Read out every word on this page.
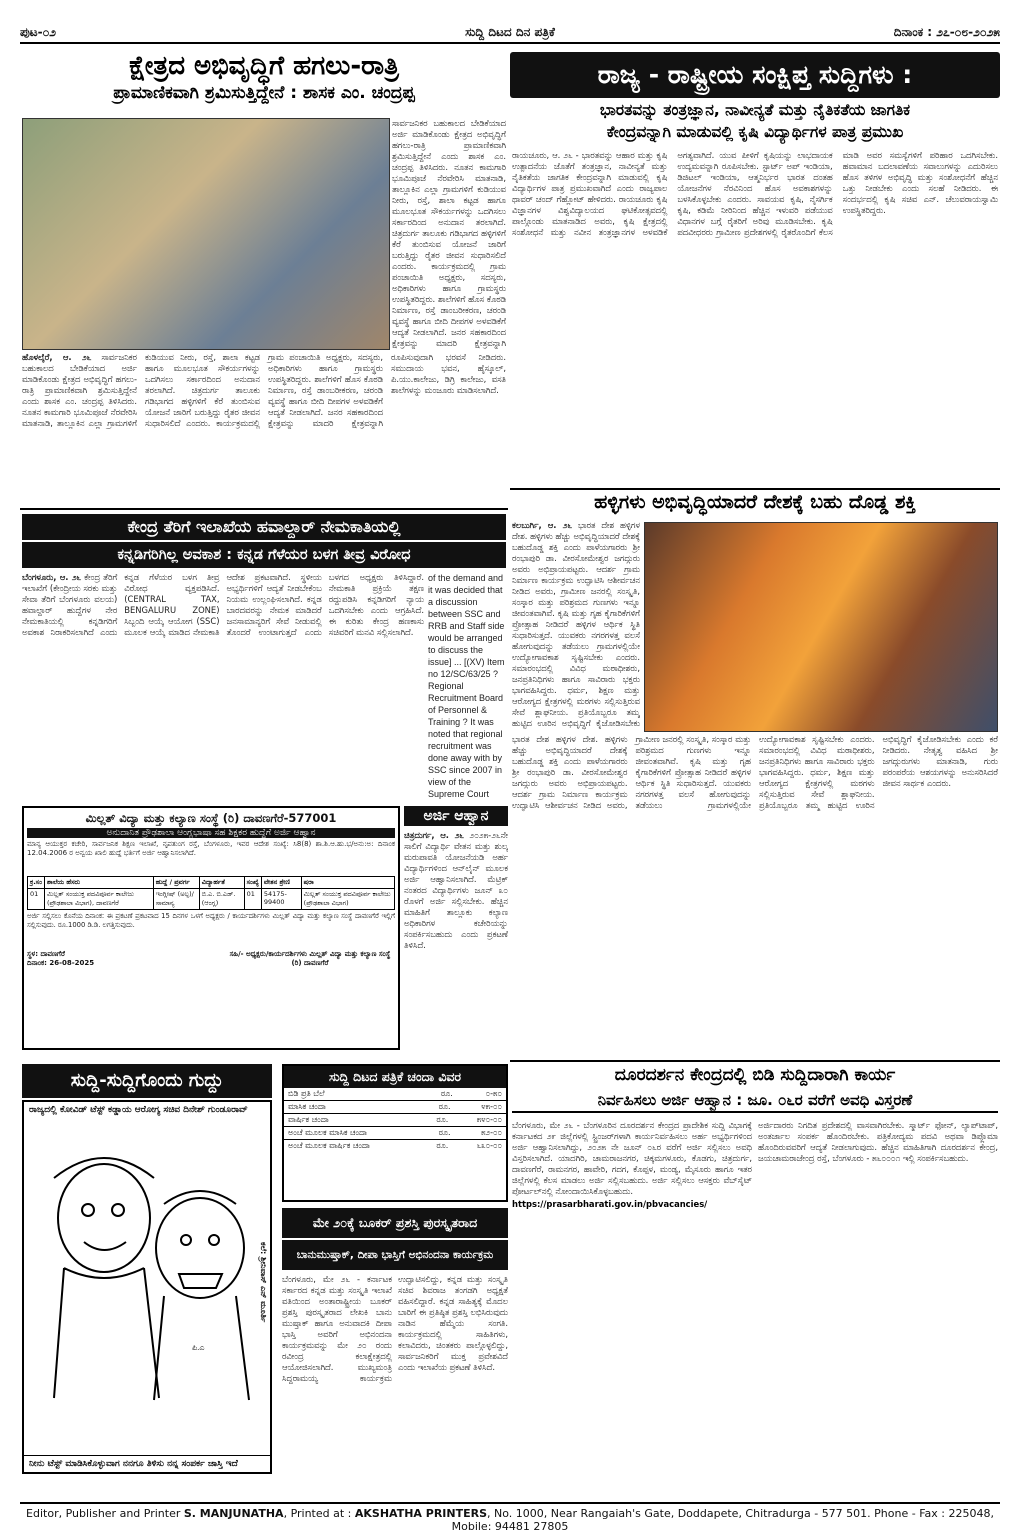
ಪುಟ-೦೨	ಸುದ್ದಿ ದಿಟದ ದಿನ ಪತ್ರಿಕೆ	ದಿನಾಂಕ : ೨೭-೦೮-೨೦೨೫
ಕ್ಷೇತ್ರದ ಅಭಿವೃದ್ಧಿಗೆ ಹಗಲು-ರಾತ್ರಿ
ಪ್ರಾಮಾಣಿಕವಾಗಿ ಶ್ರಮಿಸುತ್ತಿದ್ದೇನೆ : ಶಾಸಕ ಎಂ. ಚಂದ್ರಪ್ಪ
ಸಾರ್ವಜನಿಕರ ಬಹುಕಾಲದ ಬೇಡಿಕೆಯಾದ ಅರ್ಜಿ ಮಾಡಿಕೊಂಡು ಕ್ಷೇತ್ರದ ಅಭಿವೃದ್ಧಿಗೆ ಹಗಲು-ರಾತ್ರಿ ಪ್ರಾಮಾಣಿಕವಾಗಿ ಶ್ರಮಿಸುತ್ತಿದ್ದೇನೆ ಎಂದು ಶಾಸಕ ಎಂ. ಚಂದ್ರಪ್ಪ ತಿಳಿಸಿದರು. ನೂತನ ಕಾಮಗಾರಿ ಭೂಮಿಪೂಜೆ ನೆರವೇರಿಸಿ ಮಾತನಾಡಿ, ತಾಲ್ಲೂಕಿನ ಎಲ್ಲಾ ಗ್ರಾಮಗಳಿಗೆ ಕುಡಿಯುವ ನೀರು, ರಸ್ತೆ, ಶಾಲಾ ಕಟ್ಟಡ ಹಾಗೂ ಮೂಲಭೂತ ಸೌಕರ್ಯಗಳನ್ನು ಒದಗಿಸಲು ಸರ್ಕಾರದಿಂದ ಅನುದಾನ ತರಲಾಗಿದೆ. ಚಿತ್ರದುರ್ಗ ತಾಲೂಕು ಗಡಿಭಾಗದ ಹಳ್ಳಿಗಳಿಗೆ ಕೆರೆ ತುಂಬಿಸುವ ಯೋಜನೆ ಜಾರಿಗೆ ಬರುತ್ತಿದ್ದು ರೈತರ ಜೀವನ ಸುಧಾರಿಸಲಿದೆ ಎಂದರು. ಕಾರ್ಯಕ್ರಮದಲ್ಲಿ ಗ್ರಾಮ ಪಂಚಾಯಿತಿ ಅಧ್ಯಕ್ಷರು, ಸದಸ್ಯರು, ಅಧಿಕಾರಿಗಳು ಹಾಗೂ ಗ್ರಾಮಸ್ಥರು ಉಪಸ್ಥಿತರಿದ್ದರು. ಶಾಲೆಗಳಿಗೆ ಹೊಸ ಕೊಠಡಿ ನಿರ್ಮಾಣ, ರಸ್ತೆ ಡಾಂಬರೀಕರಣ, ಚರಂಡಿ ವ್ಯವಸ್ಥೆ ಹಾಗೂ ಬೀದಿ ದೀಪಗಳ ಅಳವಡಿಕೆಗೆ ಆದ್ಯತೆ ನೀಡಲಾಗಿದೆ. ಜನರ ಸಹಕಾರದಿಂದ ಕ್ಷೇತ್ರವನ್ನು ಮಾದರಿ ಕ್ಷೇತ್ರವನ್ನಾಗಿ
ಹೊಳಲ್ಕೆರೆ, ಆ. ೨೬ ಸಾರ್ವಜನಿಕರ ಬಹುಕಾಲದ ಬೇಡಿಕೆಯಾದ ಅರ್ಜಿ ಮಾಡಿಕೊಂಡು ಕ್ಷೇತ್ರದ ಅಭಿವೃದ್ಧಿಗೆ ಹಗಲು-ರಾತ್ರಿ ಪ್ರಾಮಾಣಿಕವಾಗಿ ಶ್ರಮಿಸುತ್ತಿದ್ದೇನೆ ಎಂದು ಶಾಸಕ ಎಂ. ಚಂದ್ರಪ್ಪ ತಿಳಿಸಿದರು. ನೂತನ ಕಾಮಗಾರಿ ಭೂಮಿಪೂಜೆ ನೆರವೇರಿಸಿ ಮಾತನಾಡಿ, ತಾಲ್ಲೂಕಿನ ಎಲ್ಲಾ ಗ್ರಾಮಗಳಿಗೆ ಕುಡಿಯುವ ನೀರು, ರಸ್ತೆ, ಶಾಲಾ ಕಟ್ಟಡ ಹಾಗೂ ಮೂಲಭೂತ ಸೌಕರ್ಯಗಳನ್ನು ಒದಗಿಸಲು ಸರ್ಕಾರದಿಂದ ಅನುದಾನ ತರಲಾಗಿದೆ. ಚಿತ್ರದುರ್ಗ ತಾಲೂಕು ಗಡಿಭಾಗದ ಹಳ್ಳಿಗಳಿಗೆ ಕೆರೆ ತುಂಬಿಸುವ ಯೋಜನೆ ಜಾರಿಗೆ ಬರುತ್ತಿದ್ದು ರೈತರ ಜೀವನ ಸುಧಾರಿಸಲಿದೆ ಎಂದರು. ಕಾರ್ಯಕ್ರಮದಲ್ಲಿ ಗ್ರಾಮ ಪಂಚಾಯಿತಿ ಅಧ್ಯಕ್ಷರು, ಸದಸ್ಯರು, ಅಧಿಕಾರಿಗಳು ಹಾಗೂ ಗ್ರಾಮಸ್ಥರು ಉಪಸ್ಥಿತರಿದ್ದರು. ಶಾಲೆಗಳಿಗೆ ಹೊಸ ಕೊಠಡಿ ನಿರ್ಮಾಣ, ರಸ್ತೆ ಡಾಂಬರೀಕರಣ, ಚರಂಡಿ ವ್ಯವಸ್ಥೆ ಹಾಗೂ ಬೀದಿ ದೀಪಗಳ ಅಳವಡಿಕೆಗೆ ಆದ್ಯತೆ ನೀಡಲಾಗಿದೆ. ಜನರ ಸಹಕಾರದಿಂದ ಕ್ಷೇತ್ರವನ್ನು ಮಾದರಿ ಕ್ಷೇತ್ರವನ್ನಾಗಿ ರೂಪಿಸುವುದಾಗಿ ಭರವಸೆ ನೀಡಿದರು. ಸಮುದಾಯ ಭವನ, ಹೈಸ್ಕೂಲ್, ಪಿ.ಯು.ಕಾಲೇಜು, ಡಿಗ್ರಿ ಕಾಲೇಜು, ವಸತಿ ಶಾಲೆಗಳನ್ನು ಮಂಜೂರು ಮಾಡಿಸಲಾಗಿದೆ.
ರಾಜ್ಯ - ರಾಷ್ಟ್ರೀಯ ಸಂಕ್ಷಿಪ್ತ ಸುದ್ದಿಗಳು :
ಭಾರತವನ್ನು ತಂತ್ರಜ್ಞಾನ, ನಾವೀನ್ಯತೆ ಮತ್ತು ನೈತಿಕತೆಯ ಜಾಗತಿಕ
ಕೇಂದ್ರವನ್ನಾಗಿ ಮಾಡುವಲ್ಲಿ ಕೃಷಿ ವಿದ್ಯಾರ್ಥಿಗಳ ಪಾತ್ರ ಪ್ರಮುಖ
ರಾಯಚೂರು, ಆ. ೨೬ - ಭಾರತವನ್ನು ಆಹಾರ ಮತ್ತು ಕೃಷಿ ಉತ್ಪಾದನೆಯ ಜೊತೆಗೆ ತಂತ್ರಜ್ಞಾನ, ನಾವೀನ್ಯತೆ ಮತ್ತು ನೈತಿಕತೆಯ ಜಾಗತಿಕ ಕೇಂದ್ರವನ್ನಾಗಿ ಮಾಡುವಲ್ಲಿ ಕೃಷಿ ವಿದ್ಯಾರ್ಥಿಗಳ ಪಾತ್ರ ಪ್ರಮುಖವಾಗಿದೆ ಎಂದು ರಾಜ್ಯಪಾಲ ಥಾವರ್ ಚಂದ್ ಗೆಹ್ಲೋಟ್ ಹೇಳಿದರು. ರಾಯಚೂರು ಕೃಷಿ ವಿಜ್ಞಾನಗಳ ವಿಶ್ವವಿದ್ಯಾಲಯದ ಘಟಿಕೋತ್ಸವದಲ್ಲಿ ಪಾಲ್ಗೊಂಡು ಮಾತನಾಡಿದ ಅವರು, ಕೃಷಿ ಕ್ಷೇತ್ರದಲ್ಲಿ ಸಂಶೋಧನೆ ಮತ್ತು ನವೀನ ತಂತ್ರಜ್ಞಾನಗಳ ಅಳವಡಿಕೆ ಅಗತ್ಯವಾಗಿದೆ. ಯುವ ಪೀಳಿಗೆ ಕೃಷಿಯನ್ನು ಲಾಭದಾಯಕ ಉದ್ಯಮವನ್ನಾಗಿ ರೂಪಿಸಬೇಕು. ಸ್ಟಾರ್ಟ್ ಅಪ್ ಇಂಡಿಯಾ, ಡಿಜಿಟಲ್ ಇಂಡಿಯಾ, ಆತ್ಮನಿರ್ಭರ ಭಾರತ ದಂತಹ ಯೋಜನೆಗಳ ನೆರವಿನಿಂದ ಹೊಸ ಅವಕಾಶಗಳನ್ನು ಬಳಸಿಕೊಳ್ಳಬೇಕು ಎಂದರು. ಸಾವಯವ ಕೃಷಿ, ನೈಸರ್ಗಿಕ ಕೃಷಿ, ಕಡಿಮೆ ನೀರಿನಿಂದ ಹೆಚ್ಚಿನ ಇಳುವರಿ ಪಡೆಯುವ ವಿಧಾನಗಳ ಬಗ್ಗೆ ರೈತರಿಗೆ ಅರಿವು ಮೂಡಿಸಬೇಕು. ಕೃಷಿ ಪದವೀಧರರು ಗ್ರಾಮೀಣ ಪ್ರದೇಶಗಳಲ್ಲಿ ರೈತರೊಂದಿಗೆ ಕೆಲಸ ಮಾಡಿ ಅವರ ಸಮಸ್ಯೆಗಳಿಗೆ ಪರಿಹಾರ ಒದಗಿಸಬೇಕು. ಹವಾಮಾನ ಬದಲಾವಣೆಯ ಸವಾಲುಗಳನ್ನು ಎದುರಿಸಲು ಹೊಸ ತಳಿಗಳ ಅಭಿವೃದ್ಧಿ ಮತ್ತು ಸಂಶೋಧನೆಗೆ ಹೆಚ್ಚಿನ ಒತ್ತು ನೀಡಬೇಕು ಎಂದು ಸಲಹೆ ನೀಡಿದರು. ಈ ಸಂದರ್ಭದಲ್ಲಿ ಕೃಷಿ ಸಚಿವ ಎನ್. ಚೆಲುವರಾಯಸ್ವಾಮಿ ಉಪಸ್ಥಿತರಿದ್ದರು.
ಹಳ್ಳಿಗಳು ಅಭಿವೃದ್ಧಿಯಾದರೆ ದೇಶಕ್ಕೆ ಬಹು ದೊಡ್ಡ ಶಕ್ತಿ
ಕಲಬುರ್ಗಿ, ಆ. ೨೬ ಭಾರತ ದೇಶ ಹಳ್ಳಿಗಳ ದೇಶ. ಹಳ್ಳಿಗಳು ಹೆಚ್ಚು ಅಭಿವೃದ್ಧಿಯಾದರೆ ದೇಶಕ್ಕೆ ಬಹುದೊಡ್ಡ ಶಕ್ತಿ ಎಂದು ಪಾಳೆಯಗಾರರು ಶ್ರೀ ರಂಭಾಪುರಿ ಡಾ. ವೀರಸೋಮೇಶ್ವರ ಜಗದ್ಗುರು ಅವರು ಅಭಿಪ್ರಾಯಪಟ್ಟರು. ಆದರ್ಶ ಗ್ರಾಮ ನಿರ್ಮಾಣ ಕಾರ್ಯಕ್ರಮ ಉದ್ಘಾಟಿಸಿ ಆಶೀರ್ವಚನ ನೀಡಿದ ಅವರು, ಗ್ರಾಮೀಣ ಜನರಲ್ಲಿ ಸಂಸ್ಕೃತಿ, ಸಂಸ್ಕಾರ ಮತ್ತು ಪರಿಶ್ರಮದ ಗುಣಗಳು ಇನ್ನೂ ಜೀವಂತವಾಗಿವೆ. ಕೃಷಿ ಮತ್ತು ಗೃಹ ಕೈಗಾರಿಕೆಗಳಿಗೆ ಪ್ರೋತ್ಸಾಹ ನೀಡಿದರೆ ಹಳ್ಳಿಗಳ ಆರ್ಥಿಕ ಸ್ಥಿತಿ ಸುಧಾರಿಸುತ್ತದೆ. ಯುವಕರು ನಗರಗಳತ್ತ ವಲಸೆ ಹೋಗುವುದನ್ನು ತಡೆಯಲು ಗ್ರಾಮಗಳಲ್ಲಿಯೇ ಉದ್ಯೋಗಾವಕಾಶ ಸೃಷ್ಟಿಸಬೇಕು ಎಂದರು. ಸಮಾರಂಭದಲ್ಲಿ ವಿವಿಧ ಮಠಾಧೀಶರು, ಜನಪ್ರತಿನಿಧಿಗಳು ಹಾಗೂ ಸಾವಿರಾರು ಭಕ್ತರು ಭಾಗವಹಿಸಿದ್ದರು. ಧರ್ಮ, ಶಿಕ್ಷಣ ಮತ್ತು ಆರೋಗ್ಯದ ಕ್ಷೇತ್ರಗಳಲ್ಲಿ ಮಠಗಳು ಸಲ್ಲಿಸುತ್ತಿರುವ ಸೇವೆ ಶ್ಲಾಘನೀಯ. ಪ್ರತಿಯೊಬ್ಬರೂ ತಮ್ಮ ಹುಟ್ಟಿದ ಊರಿನ ಅಭಿವೃದ್ಧಿಗೆ ಕೈಜೋಡಿಸಬೇಕು
ಭಾರತ ದೇಶ ಹಳ್ಳಿಗಳ ದೇಶ. ಹಳ್ಳಿಗಳು ಹೆಚ್ಚು ಅಭಿವೃದ್ಧಿಯಾದರೆ ದೇಶಕ್ಕೆ ಬಹುದೊಡ್ಡ ಶಕ್ತಿ ಎಂದು ಪಾಳೆಯಗಾರರು ಶ್ರೀ ರಂಭಾಪುರಿ ಡಾ. ವೀರಸೋಮೇಶ್ವರ ಜಗದ್ಗುರು ಅವರು ಅಭಿಪ್ರಾಯಪಟ್ಟರು. ಆದರ್ಶ ಗ್ರಾಮ ನಿರ್ಮಾಣ ಕಾರ್ಯಕ್ರಮ ಉದ್ಘಾಟಿಸಿ ಆಶೀರ್ವಚನ ನೀಡಿದ ಅವರು, ಗ್ರಾಮೀಣ ಜನರಲ್ಲಿ ಸಂಸ್ಕೃತಿ, ಸಂಸ್ಕಾರ ಮತ್ತು ಪರಿಶ್ರಮದ ಗುಣಗಳು ಇನ್ನೂ ಜೀವಂತವಾಗಿವೆ. ಕೃಷಿ ಮತ್ತು ಗೃಹ ಕೈಗಾರಿಕೆಗಳಿಗೆ ಪ್ರೋತ್ಸಾಹ ನೀಡಿದರೆ ಹಳ್ಳಿಗಳ ಆರ್ಥಿಕ ಸ್ಥಿತಿ ಸುಧಾರಿಸುತ್ತದೆ. ಯುವಕರು ನಗರಗಳತ್ತ ವಲಸೆ ಹೋಗುವುದನ್ನು ತಡೆಯಲು ಗ್ರಾಮಗಳಲ್ಲಿಯೇ ಉದ್ಯೋಗಾವಕಾಶ ಸೃಷ್ಟಿಸಬೇಕು ಎಂದರು. ಸಮಾರಂಭದಲ್ಲಿ ವಿವಿಧ ಮಠಾಧೀಶರು, ಜನಪ್ರತಿನಿಧಿಗಳು ಹಾಗೂ ಸಾವಿರಾರು ಭಕ್ತರು ಭಾಗವಹಿಸಿದ್ದರು. ಧರ್ಮ, ಶಿಕ್ಷಣ ಮತ್ತು ಆರೋಗ್ಯದ ಕ್ಷೇತ್ರಗಳಲ್ಲಿ ಮಠಗಳು ಸಲ್ಲಿಸುತ್ತಿರುವ ಸೇವೆ ಶ್ಲಾಘನೀಯ. ಪ್ರತಿಯೊಬ್ಬರೂ ತಮ್ಮ ಹುಟ್ಟಿದ ಊರಿನ ಅಭಿವೃದ್ಧಿಗೆ ಕೈಜೋಡಿಸಬೇಕು ಎಂದು ಕರೆ ನೀಡಿದರು. ನೇತೃತ್ವ ವಹಿಸಿದ ಶ್ರೀ ಜಗದ್ಗುರುಗಳು ಮಾತನಾಡಿ, ಗುರು ಪರಂಪರೆಯ ಆಶಯಗಳನ್ನು ಅನುಸರಿಸಿದರೆ ಜೀವನ ಸಾರ್ಥಕ ಎಂದರು.
ಕೇಂದ್ರ ತೆರಿಗೆ ಇಲಾಖೆಯ ಹವಾಲ್ದಾರ್ ನೇಮಕಾತಿಯಲ್ಲಿ
ಕನ್ನಡಿಗರಿಗಿಲ್ಲ ಅವಕಾಶ : ಕನ್ನಡ ಗೆಳೆಯರ ಬಳಗ ತೀವ್ರ ವಿರೋಧ
ಬೆಂಗಳೂರು, ಆ. ೨೬ ಕೇಂದ್ರ ತೆರಿಗೆ ಇಲಾಖೆಗೆ (ಕೇಂದ್ರೀಯ ಸರಕು ಮತ್ತು ಸೇವಾ ತೆರಿಗೆ ಬೆಂಗಳೂರು ವಲಯ) ಹವಾಲ್ದಾರ್ ಹುದ್ದೆಗಳ ನೇರ ನೇಮಕಾತಿಯಲ್ಲಿ ಕನ್ನಡಿಗರಿಗೆ ಅವಕಾಶ ನಿರಾಕರಿಸಲಾಗಿದೆ ಎಂದು ಕನ್ನಡ ಗೆಳೆಯರ ಬಳಗ ತೀವ್ರ ವಿರೋಧ ವ್ಯಕ್ತಪಡಿಸಿದೆ. (CENTRAL TAX, BENGALURU ZONE) ಸಿಬ್ಬಂದಿ ಆಯ್ಕೆ ಆಯೋಗ (SSC) ಮೂಲಕ ಆಯ್ಕೆ ಮಾಡಿದ ನೇಮಕಾತಿ ಆದೇಶ ಪ್ರಕಟವಾಗಿದೆ. ಸ್ಥಳೀಯ ಅಭ್ಯರ್ಥಿಗಳಿಗೆ ಆದ್ಯತೆ ನೀಡಬೇಕೆಂಬ ನಿಯಮ ಉಲ್ಲಂಘಿಸಲಾಗಿದೆ. ಕನ್ನಡ ಬಾರದವರನ್ನು ನೇಮಕ ಮಾಡಿದರೆ ಜನಸಾಮಾನ್ಯರಿಗೆ ಸೇವೆ ನೀಡುವಲ್ಲಿ ತೊಂದರೆ ಉಂಟಾಗುತ್ತದೆ ಎಂದು ಬಳಗದ ಅಧ್ಯಕ್ಷರು ತಿಳಿಸಿದ್ದಾರೆ. ನೇಮಕಾತಿ ಪ್ರಕ್ರಿಯೆ ತಕ್ಷಣ ರದ್ದುಪಡಿಸಿ ಕನ್ನಡಿಗರಿಗೆ ನ್ಯಾಯ ಒದಗಿಸಬೇಕು ಎಂದು ಆಗ್ರಹಿಸಿದೆ. ಈ ಕುರಿತು ಕೇಂದ್ರ ಹಣಕಾಸು ಸಚಿವರಿಗೆ ಮನವಿ ಸಲ್ಲಿಸಲಾಗಿದೆ.
of the demand and it was decided that a discussion between SSC and RRB and Staff side would be arranged to discuss the issue] ... [(XV) Item no 12/SC/63/25 ? Regional Recruitment Board of Personnel & Training ? It was noted that regional recruitment was done away with by SSC since 2007 in view of the Supreme Court
ಮಿಲ್ಲತ್ ವಿದ್ಯಾ ಮತ್ತು ಕಲ್ಯಾಣ ಸಂಸ್ಥೆ (ರಿ) ದಾವಣಗೆರೆ-577001
ಅನುದಾನಿತ ಪ್ರೌಢಶಾಲಾ ಆಂಗ್ಲಭಾಷಾ ಸಹ ಶಿಕ್ಷಕರ ಹುದ್ದೆಗೆ ಅರ್ಜಿ ಆಹ್ವಾನ
ಮಾನ್ಯ ಆಯುಕ್ತರ ಕಚೇರಿ, ಸಾರ್ವಜನಿಕ ಶಿಕ್ಷಣ ಇಲಾಖೆ, ನೃಪತುಂಗ ರಸ್ತೆ, ಬೆಂಗಳೂರು, ಇವರ ಆದೇಶ ಸಂಖ್ಯೆ: ಸಿ8(8) ಶಾ.ಶಿ.ಆ.ಹು.ಭ/ಅನು:ಅ: ದಿನಾಂಕ 12.04.2006 ರ ಅನ್ವಯ ಖಾಲಿ ಹುದ್ದೆ ಭರ್ತಿಗೆ ಅರ್ಜಿ ಆಹ್ವಾನಿಸಲಾಗಿದೆ.
ಕ್ರ.ಸಂ	ಶಾಲೆಯ ಹೆಸರು	ಹುದ್ದೆ / ಪ್ರವರ್ಗ	ವಿದ್ಯಾರ್ಹತೆ	ಸಂಖ್ಯೆ	ವೇತನ ಶ್ರೇಣಿ	ಷರಾ
01	ಮಿಲ್ಲತ್ ಸಂಯುಕ್ತ ಪದವಿಪೂರ್ವ ಕಾಲೇಜು (ಪ್ರೌಢಶಾಲಾ ವಿಭಾಗ), ದಾವಣಗೆರೆ	ಇಂಗ್ಲೀಷ್ (ಅಲ್ಪ)/ಸಾಮಾನ್ಯ	ಬಿ.ಎ. ಬಿ.ಎಡ್. (ಆಂಗ್ಲ)	01	54175-99400	ಮಿಲ್ಲತ್ ಸಂಯುಕ್ತ ಪದವಿಪೂರ್ವ ಕಾಲೇಜು (ಪ್ರೌಢಶಾಲಾ ವಿಭಾಗ)
ಅರ್ಜಿ ಸಲ್ಲಿಸಲು ಕೊನೆಯ ದಿನಾಂಕ: ಈ ಪ್ರಕಟಣೆ ಪ್ರಕಟವಾದ 15 ದಿನಗಳ ಒಳಗೆ ಅಧ್ಯಕ್ಷರು / ಕಾರ್ಯದರ್ಶಿಗಳು ಮಿಲ್ಲತ್ ವಿದ್ಯಾ ಮತ್ತು ಕಲ್ಯಾಣ ಸಂಸ್ಥೆ ದಾವಣಗೆರೆ ಇಲ್ಲಿಗೆ ಸಲ್ಲಿಸುವುದು. ರೂ.1000 ಡಿ.ಡಿ. ಲಗತ್ತಿಸುವುದು.
ಸ್ಥಳ: ದಾವಣಗೆರೆ
ದಿನಾಂಕ: 26-08-2025
ಸಹಿ/- ಅಧ್ಯಕ್ಷರು/ಕಾರ್ಯದರ್ಶಿಗಳು ಮಿಲ್ಲತ್ ವಿದ್ಯಾ ಮತ್ತು ಕಲ್ಯಾಣ ಸಂಸ್ಥೆ (ರಿ) ದಾವಣಗೆರೆ
ಅರ್ಜಿ ಆಹ್ವಾನ
ಚಿತ್ರದುರ್ಗ, ಆ. ೨೬ ೨೦೨೫-೨೬ನೇ ಸಾಲಿಗೆ ವಿದ್ಯಾರ್ಥಿ ವೇತನ ಮತ್ತು ಶುಲ್ಕ ಮರುಪಾವತಿ ಯೋಜನೆಯಡಿ ಅರ್ಹ ವಿದ್ಯಾರ್ಥಿಗಳಿಂದ ಆನ್‌ಲೈನ್ ಮೂಲಕ ಅರ್ಜಿ ಆಹ್ವಾನಿಸಲಾಗಿದೆ. ಮೆಟ್ರಿಕ್ ನಂತರದ ವಿದ್ಯಾರ್ಥಿಗಳು ಜೂನ್ ೩೦ ರೊಳಗೆ ಅರ್ಜಿ ಸಲ್ಲಿಸಬೇಕು. ಹೆಚ್ಚಿನ ಮಾಹಿತಿಗೆ ತಾಲ್ಲೂಕು ಕಲ್ಯಾಣ ಅಧಿಕಾರಿಗಳ ಕಚೇರಿಯನ್ನು ಸಂಪರ್ಕಿಸಬಹುದು ಎಂದು ಪ್ರಕಟಣೆ ತಿಳಿಸಿದೆ.
ಸುದ್ದಿ-ಸುದ್ದಿಗೊಂದು ಗುದ್ದು
ರಾಜ್ಯದಲ್ಲಿ ಕೋವಿಡ್ ಟೆಸ್ಟ್ ಕಡ್ಡಾಯ ಆರೋಗ್ಯ ಸಚಿವ ದಿನೇಶ್ ಗುಂಡೂರಾವ್
ಪಿ.ಎ
ಕಲೆ: ಶ್ರೀನಿವಾಸ್ ಎನ್ ಮೂರ್ತಿ
ನೀನು ಟೆಸ್ಟ್ ಮಾಡಿಸಿಕೊಳ್ಳುವಾಗ ನನಗೂ ತಿಳಿಸು ನನ್ನ ಸಂಪರ್ಕ ಜಾಸ್ತಿ ಇದೆ
ಸುದ್ದಿ ದಿಟದ ಪತ್ರಿಕೆ ಚಂದಾ ವಿವರ
ಬಿಡಿ ಪ್ರತಿ ಬೆಲೆ	ರೂ.	೦-೫೦
ಮಾಸಿಕ ಚಂದಾ	ರೂ.	೪೫-೦೦
ವಾರ್ಷಿಕ ಚಂದಾ	ರೂ.	೫೪೦-೦೦
ಅಂಚೆ ಮೂಲಕ ಮಾಸಿಕ ಚಂದಾ	ರೂ.	೫೨-೦೦
ಅಂಚೆ ಮೂಲಕ ವಾರ್ಷಿಕ ಚಂದಾ	ರೂ.	೬೩೦-೦೦
ದೂರದರ್ಶನ ಕೇಂದ್ರದಲ್ಲಿ ಬಿಡಿ ಸುದ್ದಿದಾರಾಗಿ ಕಾರ್ಯ
ನಿರ್ವಹಿಸಲು ಅರ್ಜಿ ಆಹ್ವಾನ : ಜೂ. ೦೬ರ ವರೆಗೆ ಅವಧಿ ವಿಸ್ತರಣೆ
ಬೆಂಗಳೂರು, ಮೇ ೨೬ - ಬೆಂಗಳೂರಿನ ದೂರದರ್ಶನ ಕೇಂದ್ರದ ಪ್ರಾದೇಶಿಕ ಸುದ್ದಿ ವಿಭಾಗಕ್ಕೆ ಕರ್ನಾಟಕದ ೨೯ ಜಿಲ್ಲೆಗಳಲ್ಲಿ ಸ್ಟ್ರಿಂಜರ್‌ಗಳಾಗಿ ಕಾರ್ಯನಿರ್ವಹಿಸಲು ಅರ್ಹ ಅಭ್ಯರ್ಥಿಗಳಿಂದ ಅರ್ಜಿ ಆಹ್ವಾನಿಸಲಾಗಿದ್ದು, ೨೦೨೫ ನೇ ಜೂನ್ ೦೬ರ ವರೆಗೆ ಅರ್ಜಿ ಸಲ್ಲಿಸಲು ಅವಧಿ ವಿಸ್ತರಿಸಲಾಗಿದೆ. ಯಾದಗಿರಿ, ಚಾಮರಾಜನಗರ, ಚಿಕ್ಕಮಗಳೂರು, ಕೊಡಗು, ಚಿತ್ರದುರ್ಗ, ದಾವಣಗೆರೆ, ರಾಮನಗರ, ಹಾವೇರಿ, ಗದಗ, ಕೊಪ್ಪಳ, ಮಂಡ್ಯ, ಮೈಸೂರು ಹಾಗೂ ಇತರ ಜಿಲ್ಲೆಗಳಲ್ಲಿ ಕೆಲಸ ಮಾಡಲು ಅರ್ಜಿ ಸಲ್ಲಿಸಬಹುದು. ಅರ್ಜಿ ಸಲ್ಲಿಸಲು ಆಸಕ್ತರು ವೆಬ್‌ಸೈಟ್ ಪೋರ್ಟಲ್‌ನಲ್ಲಿ ನೋಂದಾಯಿಸಿಕೊಳ್ಳಬಹುದು.
https://prasarbharati.gov.in/pbvacancies/
ಅರ್ಜಿದಾರರು ನಿಗದಿತ ಪ್ರದೇಶದಲ್ಲಿ ವಾಸವಾಗಿರಬೇಕು. ಸ್ಮಾರ್ಟ್ ಫೋನ್, ಲ್ಯಾಪ್‌ಟಾಪ್, ಅಂತರ್ಜಾಲ ಸಂಪರ್ಕ ಹೊಂದಿರಬೇಕು. ಪತ್ರಿಕೋದ್ಯಮ ಪದವಿ ಅಥವಾ ಡಿಪ್ಲೊಮಾ ಹೊಂದಿರುವವರಿಗೆ ಆದ್ಯತೆ ನೀಡಲಾಗುವುದು. ಹೆಚ್ಚಿನ ಮಾಹಿತಿಗಾಗಿ ದೂರದರ್ಶನ ಕೇಂದ್ರ, ಜಯಚಾಮರಾಜೇಂದ್ರ ರಸ್ತೆ, ಬೆಂಗಳೂರು - ೫೬೦೦೦೧ ಇಲ್ಲಿ ಸಂಪರ್ಕಿಸಬಹುದು.
ಮೇ ೨೦ಕ್ಕೆ ಬೂಕರ್ ಪ್ರಶಸ್ತಿ ಪುರಸ್ಕೃತರಾದ
ಬಾನುಮುಷ್ತಾಕ್, ದೀಪಾ ಭಾಸ್ತಿಗೆ ಅಭಿನಂದನಾ ಕಾರ್ಯಕ್ರಮ
ಬೆಂಗಳೂರು, ಮೇ ೨೬ - ಕರ್ನಾಟಕ ಸರ್ಕಾರದ ಕನ್ನಡ ಮತ್ತು ಸಂಸ್ಕೃತಿ ಇಲಾಖೆ ವತಿಯಿಂದ ಅಂತಾರಾಷ್ಟ್ರೀಯ ಬೂಕರ್ ಪ್ರಶಸ್ತಿ ಪುರಸ್ಕೃತರಾದ ಲೇಖಕಿ ಬಾನು ಮುಷ್ತಾಕ್ ಹಾಗೂ ಅನುವಾದಕಿ ದೀಪಾ ಭಾಸ್ತಿ ಅವರಿಗೆ ಅಭಿನಂದನಾ ಕಾರ್ಯಕ್ರಮವನ್ನು ಮೇ ೨೦ ರಂದು ರವೀಂದ್ರ ಕಲಾಕ್ಷೇತ್ರದಲ್ಲಿ ಆಯೋಜಿಸಲಾಗಿದೆ. ಮುಖ್ಯಮಂತ್ರಿ ಸಿದ್ದರಾಮಯ್ಯ ಕಾರ್ಯಕ್ರಮ ಉದ್ಘಾಟಿಸಲಿದ್ದು, ಕನ್ನಡ ಮತ್ತು ಸಂಸ್ಕೃತಿ ಸಚಿವ ಶಿವರಾಜ ತಂಗಡಗಿ ಅಧ್ಯಕ್ಷತೆ ವಹಿಸಲಿದ್ದಾರೆ. ಕನ್ನಡ ಸಾಹಿತ್ಯಕ್ಕೆ ಮೊದಲ ಬಾರಿಗೆ ಈ ಪ್ರತಿಷ್ಠಿತ ಪ್ರಶಸ್ತಿ ಲಭಿಸಿರುವುದು ನಾಡಿನ ಹೆಮ್ಮೆಯ ಸಂಗತಿ. ಕಾರ್ಯಕ್ರಮದಲ್ಲಿ ಸಾಹಿತಿಗಳು, ಕಲಾವಿದರು, ಚಿಂತಕರು ಪಾಲ್ಗೊಳ್ಳಲಿದ್ದು, ಸಾರ್ವಜನಿಕರಿಗೆ ಮುಕ್ತ ಪ್ರವೇಶವಿದೆ ಎಂದು ಇಲಾಖೆಯ ಪ್ರಕಟಣೆ ತಿಳಿಸಿದೆ.
Editor, Publisher and Printer S. MANJUNATHA, Printed at : AKSHATHA PRINTERS, No. 1000, Near Rangaiah's Gate, Doddapete, Chitradurga - 577 501. Phone - Fax : 225048, Mobile: 94481 27805
